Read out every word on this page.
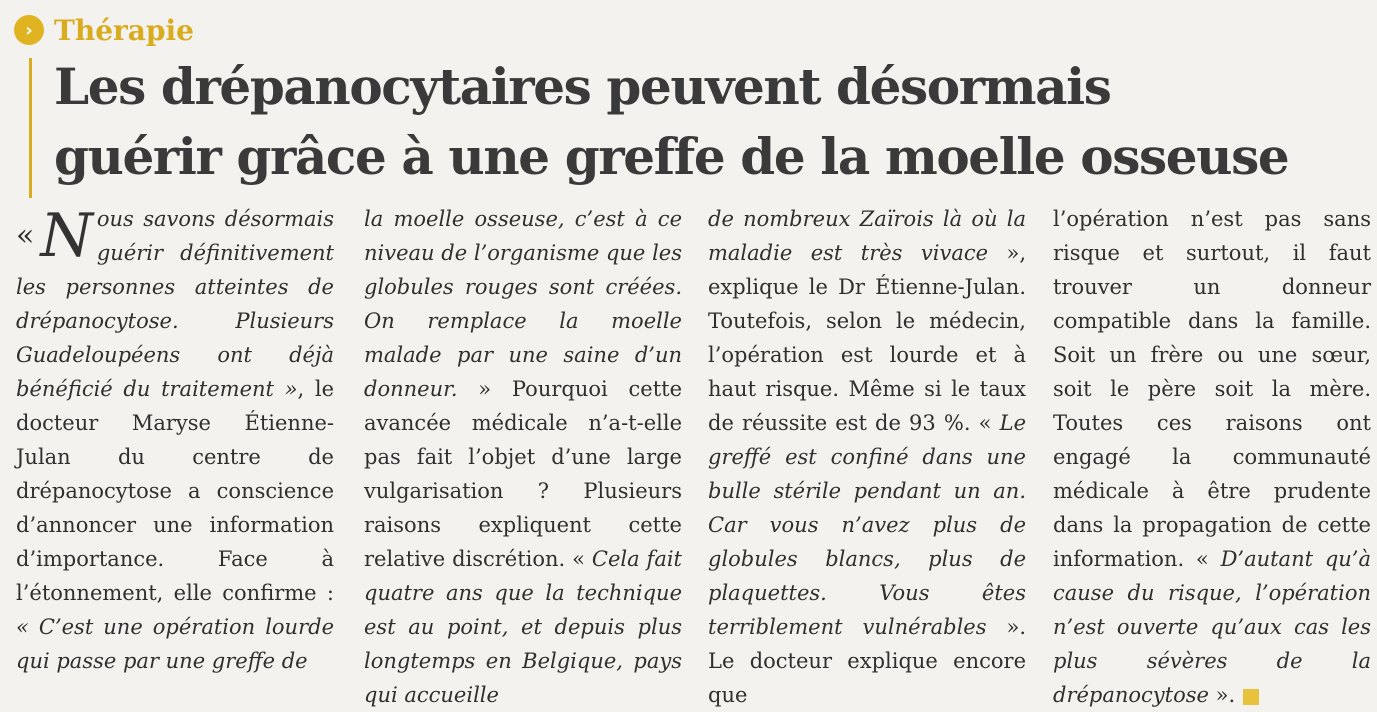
› Thérapie
Les drépanocytaires peuvent désormais
guérir grâce à une greffe de la moelle osseuse

« N ous savons désormais guérir définitivement les personnes atteintes de drépanocytose. Plusieurs Guadeloupéens ont déjà bénéficié du traitement », le docteur Maryse Étienne-Julan du centre de drépanocytose a conscience d’annoncer une information d’importance. Face à l’étonnement, elle confirme : « C’est une opération lourde qui passe par une greffe de

la moelle osseuse, c’est à ce niveau de l’organisme que les globules rouges sont créées. On remplace la moelle malade par une saine d’un donneur. » Pourquoi cette avancée médicale n’a-t-elle pas fait l’objet d’une large vulgarisation ? Plusieurs raisons expliquent cette relative discrétion. « Cela fait quatre ans que la technique est au point, et depuis plus longtemps en Belgique, pays qui accueille

de nombreux Zaïrois là où la maladie est très vivace », explique le Dr Étienne-Julan. Toutefois, selon le médecin, l’opération est lourde et à haut risque. Même si le taux de réussite est de 93 %. « Le greffé est confiné dans une bulle stérile pendant un an. Car vous n’avez plus de globules blancs, plus de plaquettes. Vous êtes terriblement vulnérables ». Le docteur explique encore que

l’opération n’est pas sans risque et surtout, il faut trouver un donneur compatible dans la famille. Soit un frère ou une sœur, soit le père soit la mère. Toutes ces raisons ont engagé la communauté médicale à être prudente dans la propagation de cette information. « D’autant qu’à cause du risque, l’opération n’est ouverte qu’aux cas les plus sévères de la drépanocytose ».
